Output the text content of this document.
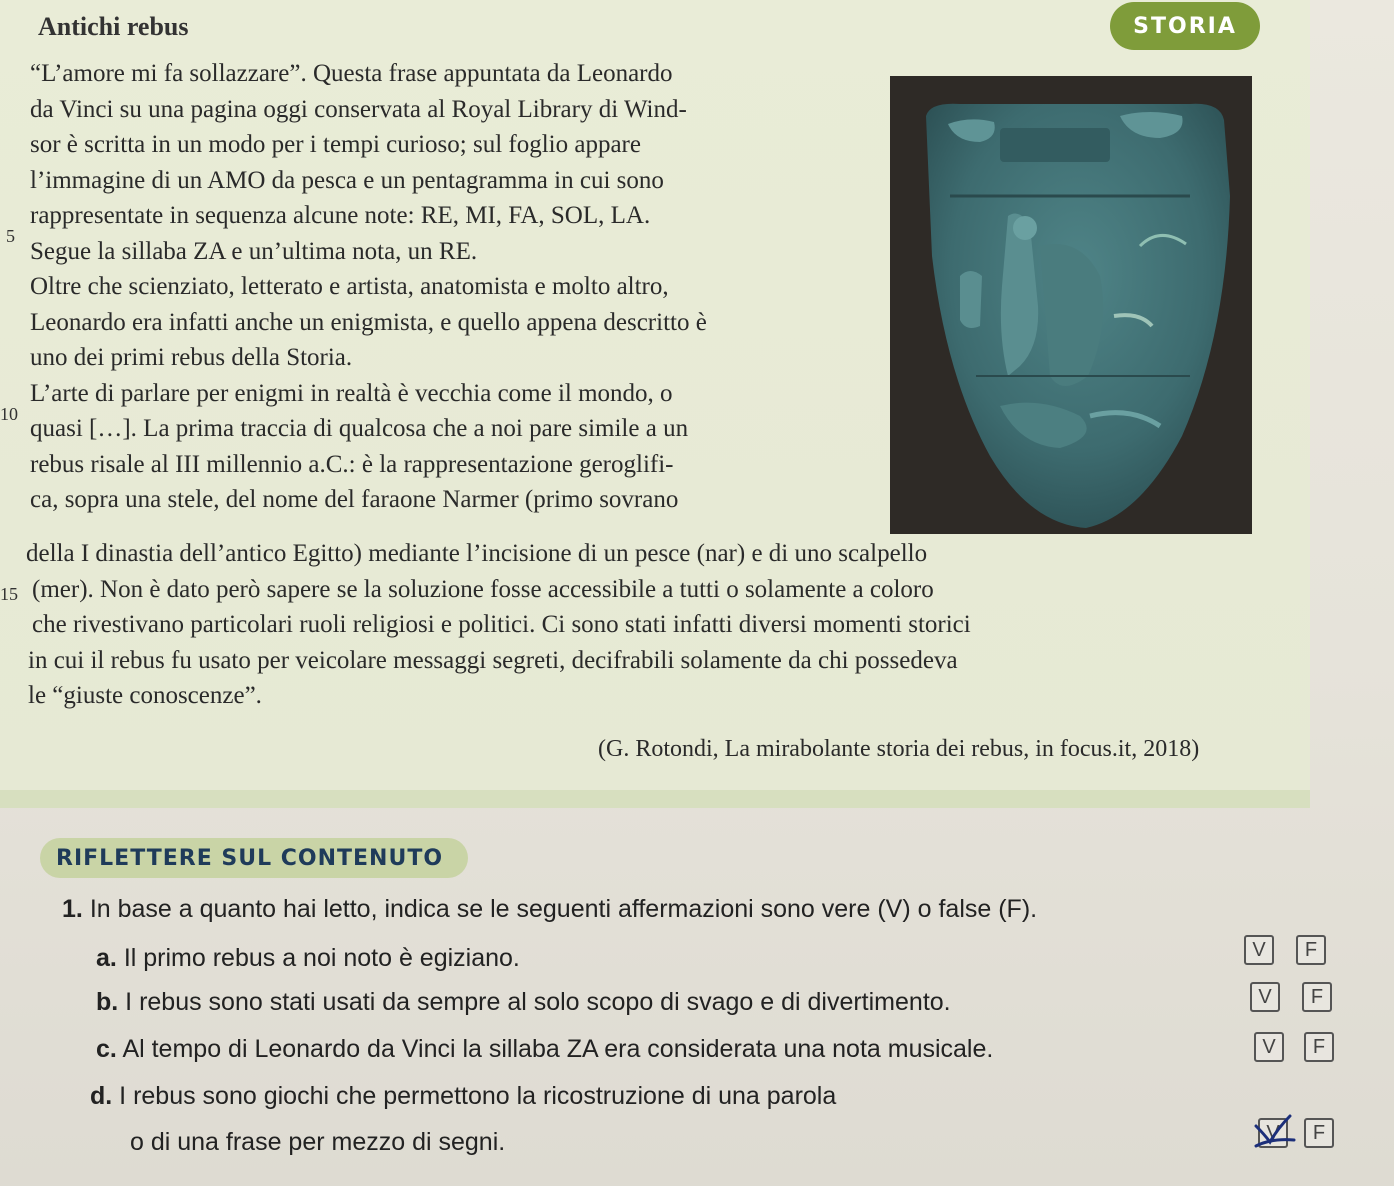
Antichi rebus	STORIA
“L’amore mi fa sollazzare”. Questa frase appuntata da Leonardo
da Vinci su una pagina oggi conservata al Royal Library di Wind-
sor è scritta in un modo per i tempi curioso; sul foglio appare
l’immagine di un AMO da pesca e un pentagramma in cui sono
rappresentate in sequenza alcune note: RE, MI, FA, SOL, LA.
Segue la sillaba ZA e un’ultima nota, un RE.
Oltre che scienziato, letterato e artista, anatomista e molto altro,
Leonardo era infatti anche un enigmista, e quello appena descritto è
uno dei primi rebus della Storia.
L’arte di parlare per enigmi in realtà è vecchia come il mondo, o
quasi […]. La prima traccia di qualcosa che a noi pare simile a un
rebus risale al III millennio a.C.: è la rappresentazione geroglifi-
ca, sopra una stele, del nome del faraone Narmer (primo sovrano
5
10
15
della I dinastia dell’antico Egitto) mediante l’incisione di un pesce (nar) e di uno scalpello
(mer). Non è dato però sapere se la soluzione fosse accessibile a tutti o solamente a coloro
che rivestivano particolari ruoli religiosi e politici. Ci sono stati infatti diversi momenti storici
in cui il rebus fu usato per veicolare messaggi segreti, decifrabili solamente da chi possedeva
le “giuste conoscenze”.
(G. Rotondi, La mirabolante storia dei rebus, in focus.it, 2018)
RIFLETTERE SUL CONTENUTO
1. In base a quanto hai letto, indica se le seguenti affermazioni sono vere (V) o false (F).
a. Il primo rebus a noi noto è egiziano.	V	F
b. I rebus sono stati usati da sempre al solo scopo di svago e di divertimento.	V	F
c. Al tempo di Leonardo da Vinci la sillaba ZA era considerata una nota musicale.	V	F
d. I rebus sono giochi che permettono la ricostruzione di una parola
o di una frase per mezzo di segni.	V	F
